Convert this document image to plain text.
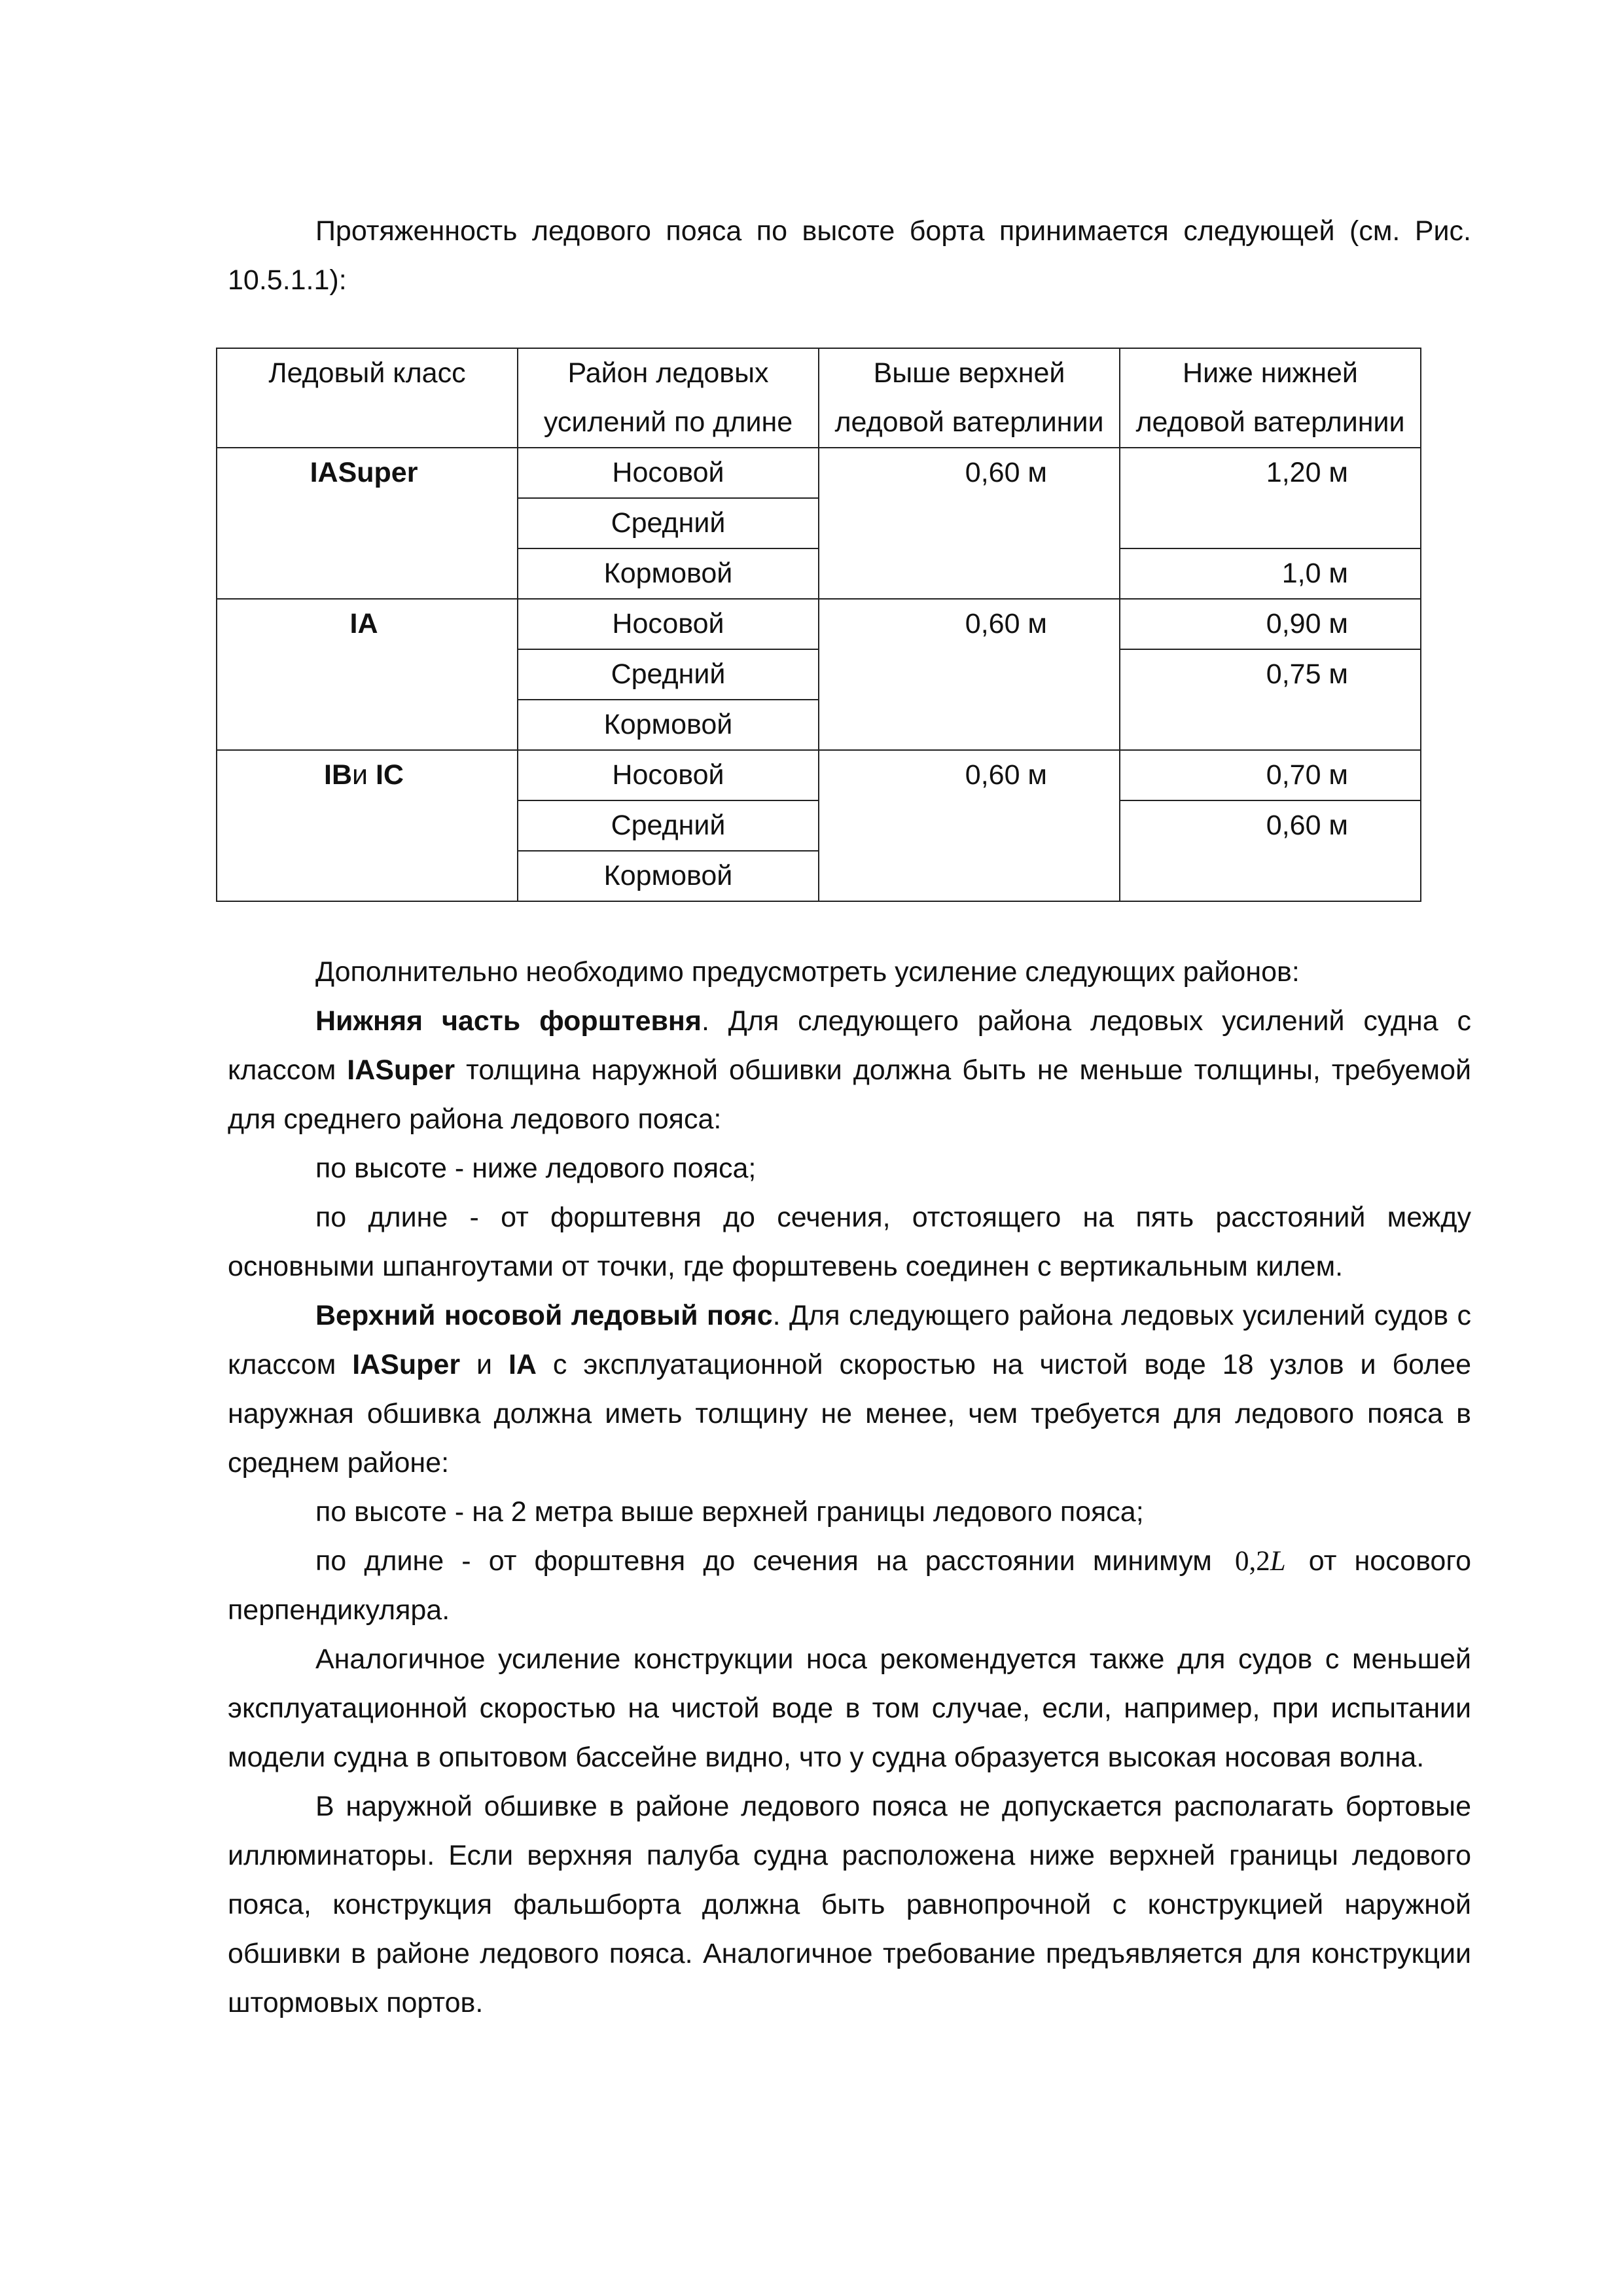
Протяженность ледового пояса по высоте борта принимается следующей (см. Рис. 10.5.1.1):

Ледовый класс	Район ледовых усилений по длине	Выше верхней ледовой ватерлинии	Ниже нижней ледовой ватерлинии
IASuper	Носовой	0,60 м	1,20 м
	Средний		
	Кормовой		1,0 м
IA	Носовой	0,60 м	0,90 м
	Средний		0,75 м
	Кормовой		
IBи IC	Носовой	0,60 м	0,70 м
	Средний		0,60 м
	Кормовой		

Дополнительно необходимо предусмотреть усиление следующих районов:

Нижняя часть форштевня. Для следующего района ледовых усилений судна с классом IASuper толщина наружной обшивки должна быть не меньше толщины, требуемой для среднего района ледового пояса:

по высоте - ниже ледового пояса;

по длине - от форштевня до сечения, отстоящего на пять расстояний между основными шпангоутами от точки, где форштевень соединен с вертикальным килем.

Верхний носовой ледовый пояс. Для следующего района ледовых усилений судов с классом IASuper и IA с эксплуатационной скоростью на чистой воде 18 узлов и более наружная обшивка должна иметь толщину не менее, чем требуется для ледового пояса в среднем районе:

по высоте - на 2 метра выше верхней границы ледового пояса;

по длине - от форштевня до сечения на расстоянии минимум 0,2L от носового перпендикуляра.

Аналогичное усиление конструкции носа рекомендуется также для судов с меньшей эксплуатационной скоростью на чистой воде в том случае, если, например, при испытании модели судна в опытовом бассейне видно, что у судна образуется высокая носовая волна.

В наружной обшивке в районе ледового пояса не допускается располагать бортовые иллюминаторы. Если верхняя палуба судна расположена ниже верхней границы ледового пояса, конструкция фальшборта должна быть равнопрочной с конструкцией наружной обшивки в районе ледового пояса. Аналогичное требование предъявляется для конструкции штормовых портов.
